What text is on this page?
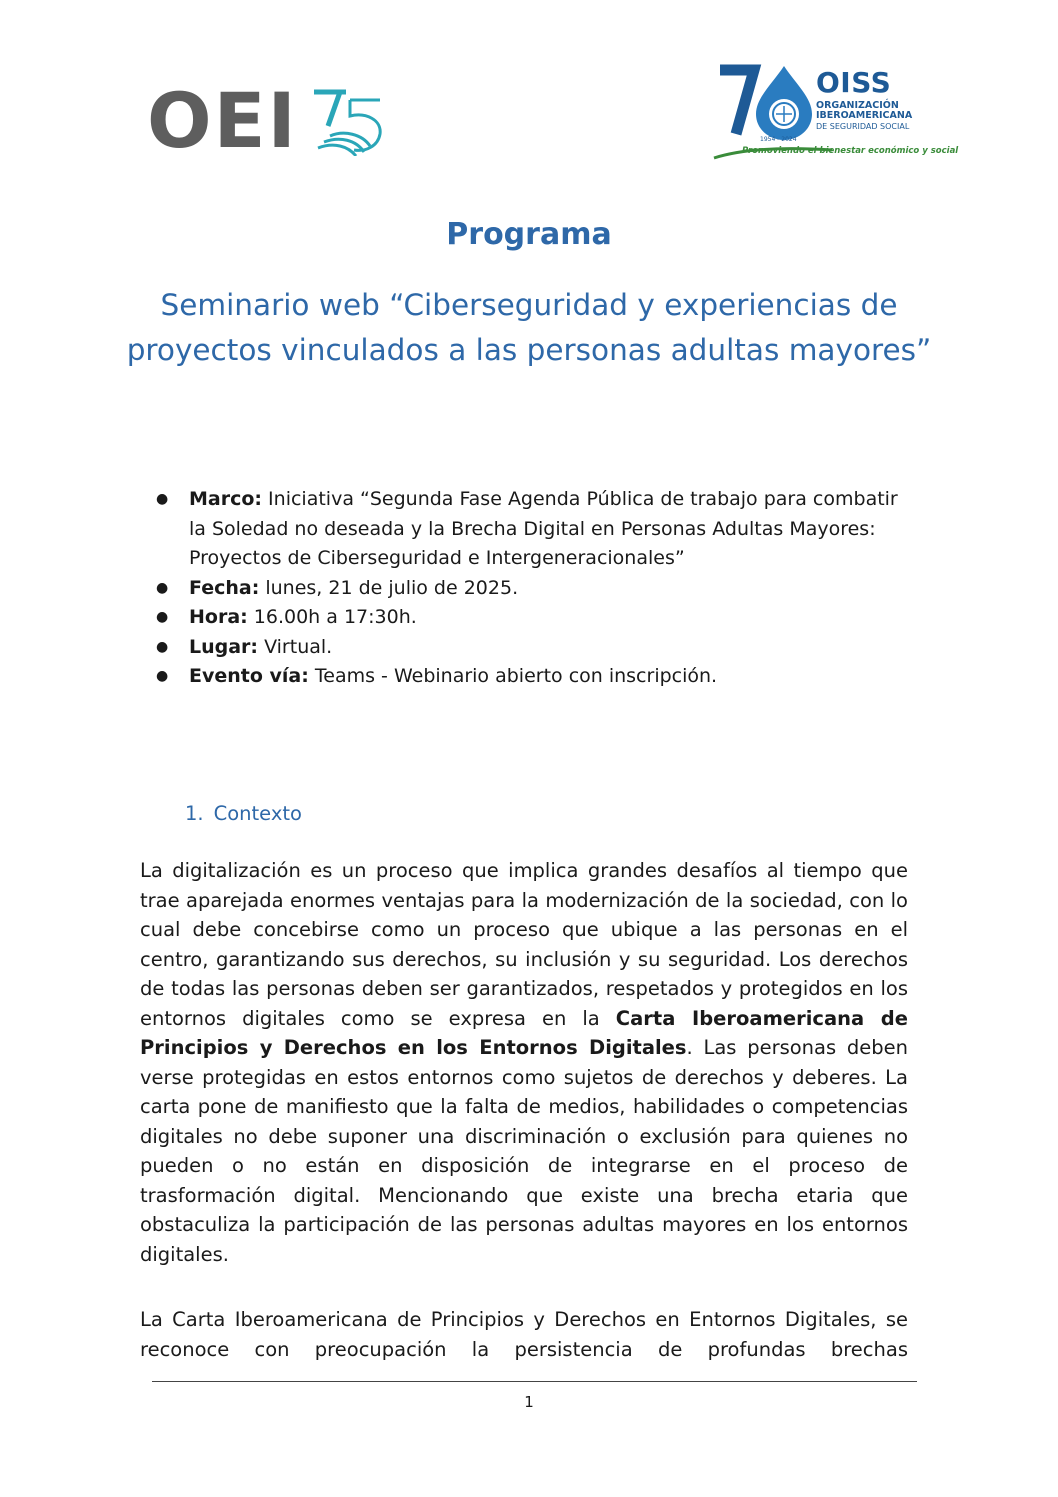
OEI	OISS
ORGANIZACIÓN
IBEROAMERICANA
DE SEGURIDAD SOCIAL
1954 - 2024
Promoviendo el bienestar económico y social
Programa
Seminario web “Ciberseguridad y experiencias de proyectos vinculados a las personas adultas mayores”
● Marco: Iniciativa “Segunda Fase Agenda Pública de trabajo para combatir la Soledad no deseada y la Brecha Digital en Personas Adultas Mayores: Proyectos de Ciberseguridad e Intergeneracionales”
● Fecha: lunes, 21 de julio de 2025.
● Hora: 16.00h a 17:30h.
● Lugar: Virtual.
● Evento vía: Teams - Webinario abierto con inscripción.
1. Contexto

La digitalización es un proceso que implica grandes desafíos al tiempo que trae aparejada enormes ventajas para la modernización de la sociedad, con lo cual debe concebirse como un proceso que ubique a las personas en el centro, garantizando sus derechos, su inclusión y su seguridad. Los derechos de todas las personas deben ser garantizados, respetados y protegidos en los entornos digitales como se expresa en la Carta Iberoamericana de Principios y Derechos en los Entornos Digitales. Las personas deben verse protegidas en estos entornos como sujetos de derechos y deberes. La carta pone de manifiesto que la falta de medios, habilidades o competencias digitales no debe suponer una discriminación o exclusión para quienes no pueden o no están en disposición de integrarse en el proceso de trasformación digital. Mencionando que existe una brecha etaria que obstaculiza la participación de las personas adultas mayores en los entornos digitales.

La Carta Iberoamericana de Principios y Derechos en Entornos Digitales, se reconoce con preocupación la persistencia de profundas brechas

1
